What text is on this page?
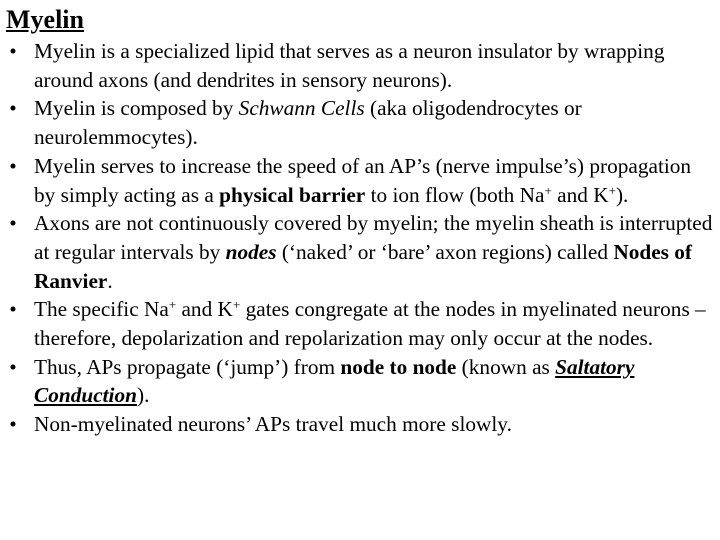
Myelin
• Myelin is a specialized lipid that serves as a neuron insulator by wrapping around axons (and dendrites in sensory neurons).
• Myelin is composed by Schwann Cells (aka oligodendrocytes or neurolemmocytes).
• Myelin serves to increase the speed of an AP’s (nerve impulse’s) propagation by simply acting as a physical barrier to ion flow (both Na+ and K+).
• Axons are not continuously covered by myelin; the myelin sheath is interrupted at regular intervals by nodes (‘naked’ or ‘bare’ axon regions) called Nodes of Ranvier.
• The specific Na+ and K+ gates congregate at the nodes in myelinated neurons – therefore, depolarization and repolarization may only occur at the nodes.
• Thus, APs propagate (‘jump’) from node to node (known as Saltatory Conduction).
• Non-myelinated neurons’ APs travel much more slowly.
